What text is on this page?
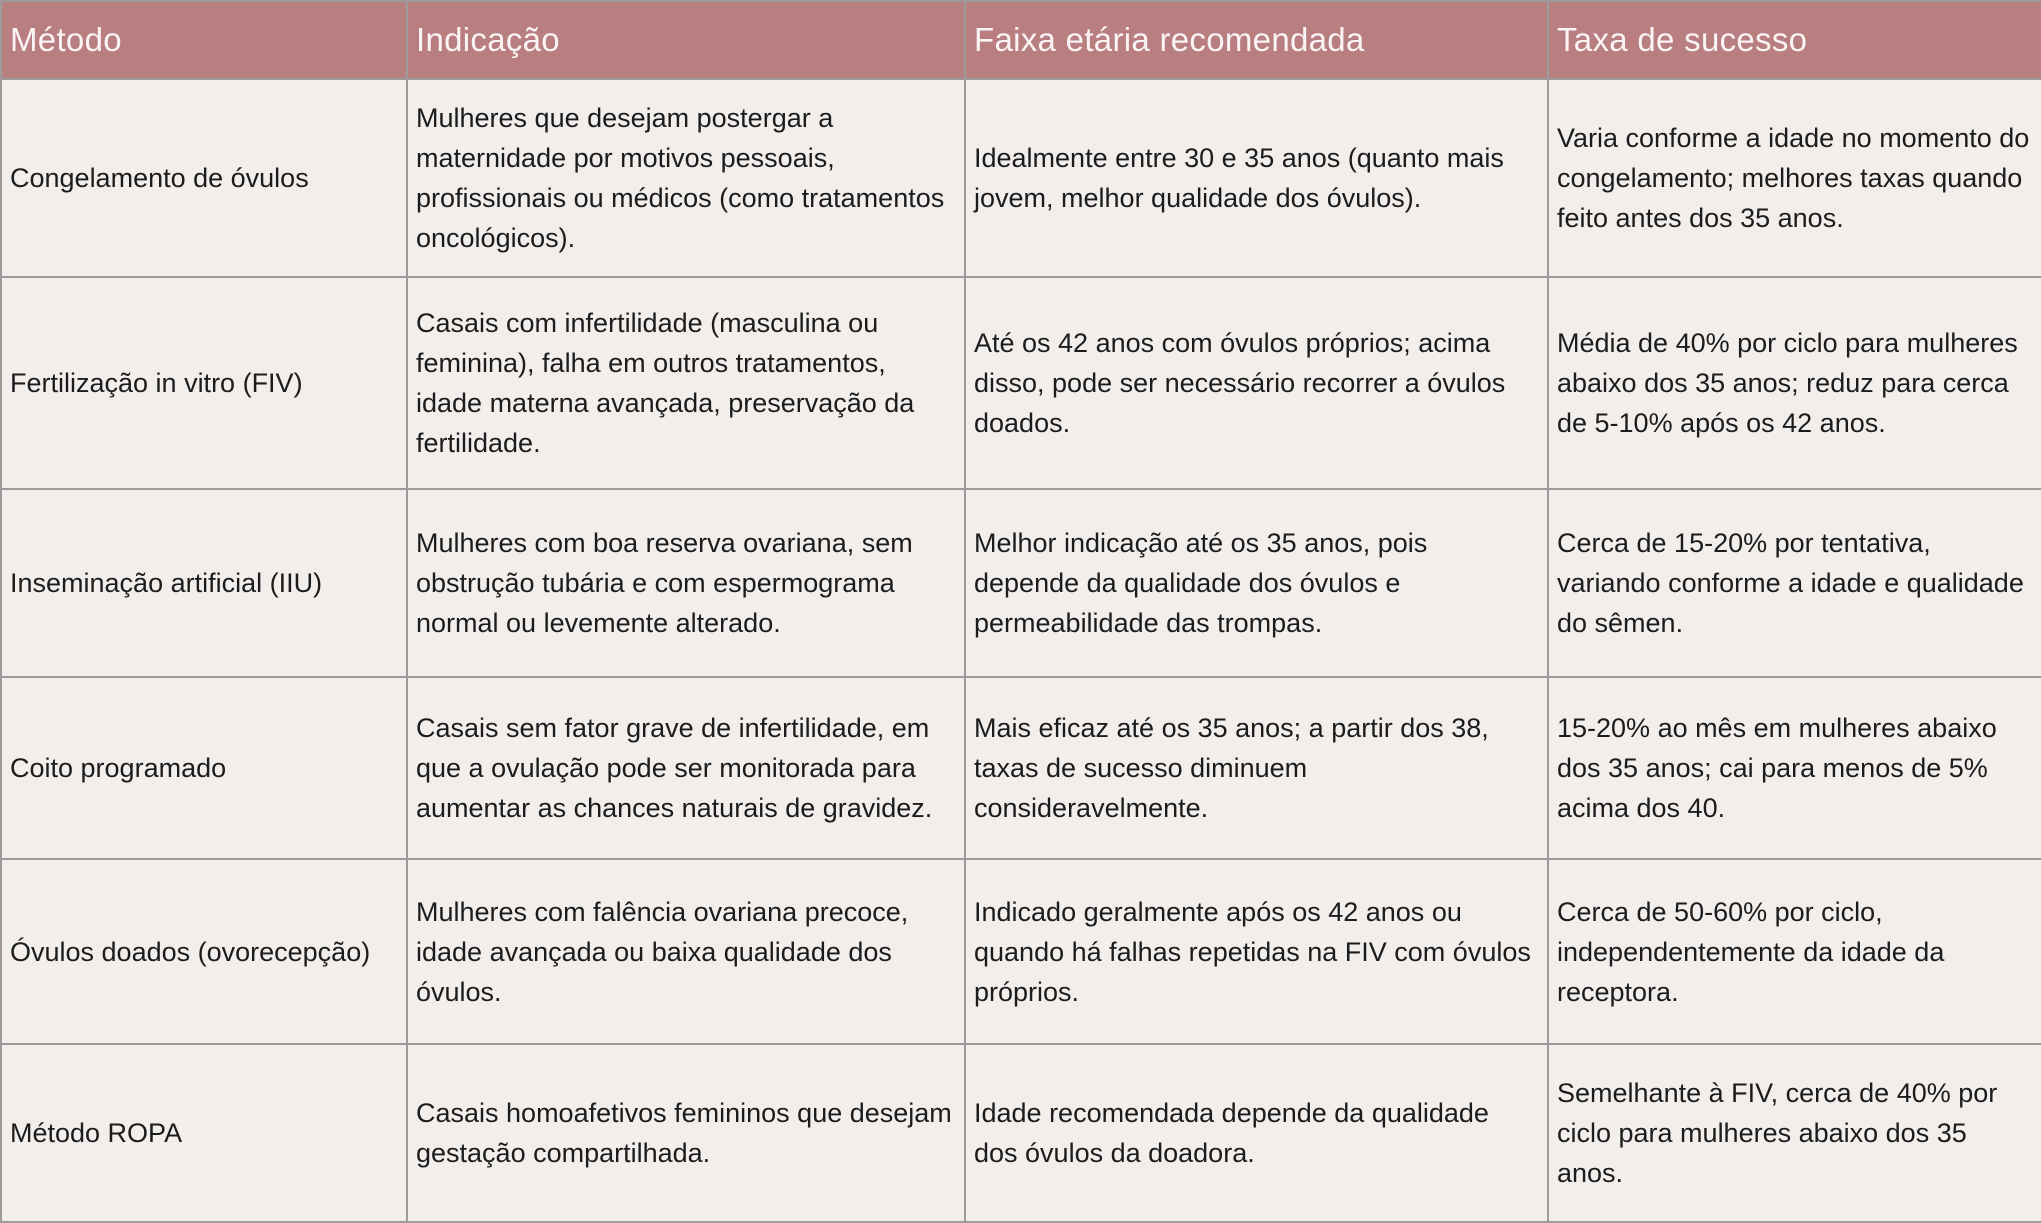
Método	Indicação	Faixa etária recomendada	Taxa de sucesso
Congelamento de óvulos	Mulheres que desejam postergar a maternidade por motivos pessoais, profissionais ou médicos (como tratamentos oncológicos).	Idealmente entre 30 e 35 anos (quanto mais jovem, melhor qualidade dos óvulos).	Varia conforme a idade no momento do congelamento; melhores taxas quando feito antes dos 35 anos.
Fertilização in vitro (FIV)	Casais com infertilidade (masculina ou feminina), falha em outros tratamentos, idade materna avançada, preservação da fertilidade.	Até os 42 anos com óvulos próprios; acima disso, pode ser necessário recorrer a óvulos doados.	Média de 40% por ciclo para mulheres abaixo dos 35 anos; reduz para cerca de 5-10% após os 42 anos.
Inseminação artificial (IIU)	Mulheres com boa reserva ovariana, sem obstrução tubária e com espermograma normal ou levemente alterado.	Melhor indicação até os 35 anos, pois depende da qualidade dos óvulos e permeabilidade das trompas.	Cerca de 15-20% por tentativa, variando conforme a idade e qualidade do sêmen.
Coito programado	Casais sem fator grave de infertilidade, em que a ovulação pode ser monitorada para aumentar as chances naturais de gravidez.	Mais eficaz até os 35 anos; a partir dos 38, taxas de sucesso diminuem consideravelmente.	15-20% ao mês em mulheres abaixo dos 35 anos; cai para menos de 5% acima dos 40.
Óvulos doados (ovorecepção)	Mulheres com falência ovariana precoce, idade avançada ou baixa qualidade dos óvulos.	Indicado geralmente após os 42 anos ou quando há falhas repetidas na FIV com óvulos próprios.	Cerca de 50-60% por ciclo, independentemente da idade da receptora.
Método ROPA	Casais homoafetivos femininos que desejam gestação compartilhada.	Idade recomendada depende da qualidade dos óvulos da doadora.	Semelhante à FIV, cerca de 40% por ciclo para mulheres abaixo dos 35 anos.
